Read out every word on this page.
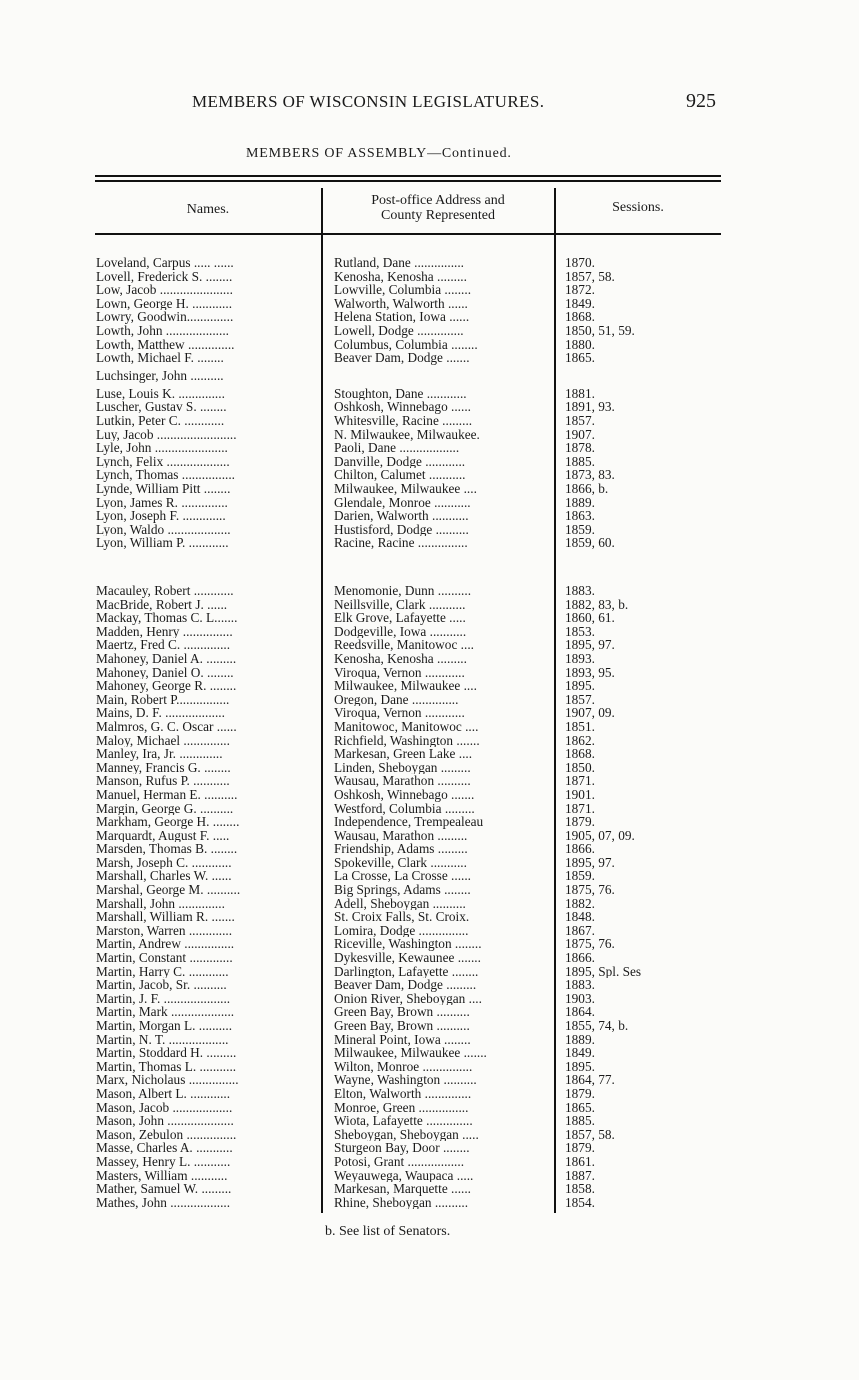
MEMBERS OF WISCONSIN LEGISLATURES.	925
MEMBERS OF ASSEMBLY—Continued.
Names.
Post-office Address and
County Represented
Sessions.
Loveland, Carpus ..... ......	Rutland, Dane ...............	1870.
Lovell, Frederick S. ........	Kenosha, Kenosha .........	1857, 58.
Low, Jacob ......................	Lowville, Columbia ........	1872.
Lown, George H. ............	Walworth, Walworth ......	1849.
Lowry, Goodwin..............	Helena Station, Iowa ......	1868.
Lowth, John ...................	Lowell, Dodge ..............	1850, 51, 59.
Lowth, Matthew ..............	Columbus, Columbia ........	1880.
Lowth, Michael F. ........	Beaver Dam, Dodge .......	1865.
Luchsinger, John ..........
Luse, Louis K. ..............	Stoughton, Dane ............	1881.
Luscher, Gustav S. ........	Oshkosh, Winnebago ......	1891, 93.
Lutkin, Peter C. ............	Whitesville, Racine .........	1857.
Luy, Jacob ........................	N. Milwaukee, Milwaukee.	1907.
Lyle, John ......................	Paoli, Dane ..................	1878.
Lynch, Felix ...................	Danville, Dodge ............	1885.
Lynch, Thomas ................	Chilton, Calumet ...........	1873, 83.
Lynde, William Pitt ........	Milwaukee, Milwaukee ....	1866, b.
Lyon, James R. ..............	Glendale, Monroe ...........	1889.
Lyon, Joseph F. .............	Darien, Walworth ...........	1863.
Lyon, Waldo ...................	Hustisford, Dodge ..........	1859.
Lyon, William P. ............	Racine, Racine ...............	1859, 60.
Macauley, Robert ............	Menomonie, Dunn ..........	1883.
MacBride, Robert J. ......	Neillsville, Clark ...........	1882, 83, b.
Mackay, Thomas C. L.......	Elk Grove, Lafayette .....	1860, 61.
Madden, Henry ...............	Dodgeville, Iowa ...........	1853.
Maertz, Fred C. ..............	Reedsville, Manitowoc ....	1895, 97.
Mahoney, Daniel A. .........	Kenosha, Kenosha .........	1893.
Mahoney, Daniel O. ........	Viroqua, Vernon ............	1893, 95.
Mahoney, George R. ........	Milwaukee, Milwaukee ....	1895.
Main, Robert P................	Oregon, Dane ..............	1857.
Mains, D. F. ..................	Viroqua, Vernon ............	1907, 09.
Malmros, G. C. Oscar ......	Manitowoc, Manitowoc ....	1851.
Maloy, Michael ..............	Richfield, Washington .......	1862.
Manley, Ira, Jr. .............	Markesan, Green Lake ....	1868.
Manney, Francis G. ........	Linden, Sheboygan .........	1850.
Manson, Rufus P. ...........	Wausau, Marathon ..........	1871.
Manuel, Herman E. ..........	Oshkosh, Winnebago .......	1901.
Margin, George G. ..........	Westford, Columbia .........	1871.
Markham, George H. ........	Independence, Trempealeau	1879.
Marquardt, August F. .....	Wausau, Marathon .........	1905, 07, 09.
Marsden, Thomas B. ........	Friendship, Adams .........	1866.
Marsh, Joseph C. ............	Spokeville, Clark ...........	1895, 97.
Marshall, Charles W. ......	La Crosse, La Crosse ......	1859.
Marshal, George M. ..........	Big Springs, Adams ........	1875, 76.
Marshall, John ..............	Adell, Sheboygan ..........	1882.
Marshall, William R. .......	St. Croix Falls, St. Croix.	1848.
Marston, Warren .............	Lomira, Dodge ...............	1867.
Martin, Andrew ...............	Riceville, Washington ........	1875, 76.
Martin, Constant .............	Dykesville, Kewaunee .......	1866.
Martin, Harry C. ............	Darlington, Lafayette ........	1895, Spl. Ses
Martin, Jacob, Sr. ..........	Beaver Dam, Dodge .........	1883.
Martin, J. F. ....................	Onion River, Sheboygan ....	1903.
Martin, Mark ...................	Green Bay, Brown ..........	1864.
Martin, Morgan L. ..........	Green Bay, Brown ..........	1855, 74, b.
Martin, N. T. ..................	Mineral Point, Iowa ........	1889.
Martin, Stoddard H. .........	Milwaukee, Milwaukee .......	1849.
Martin, Thomas L. ...........	Wilton, Monroe ...............	1895.
Marx, Nicholaus ...............	Wayne, Washington ..........	1864, 77.
Mason, Albert L. ............	Elton, Walworth ..............	1879.
Mason, Jacob ..................	Monroe, Green ...............	1865.
Mason, John ....................	Wiota, Lafayette ..............	1885.
Mason, Zebulon ...............	Sheboygan, Sheboygan .....	1857, 58.
Masse, Charles A. ...........	Sturgeon Bay, Door ........	1879.
Massey, Henry L. ...........	Potosi, Grant .................	1861.
Masters, William ...........	Weyauwega, Waupaca .....	1887.
Mather, Samuel W. .........	Markesan, Marquette ......	1858.
Mathes, John ..................	Rhine, Sheboygan ..........	1854.
b. See list of Senators.
